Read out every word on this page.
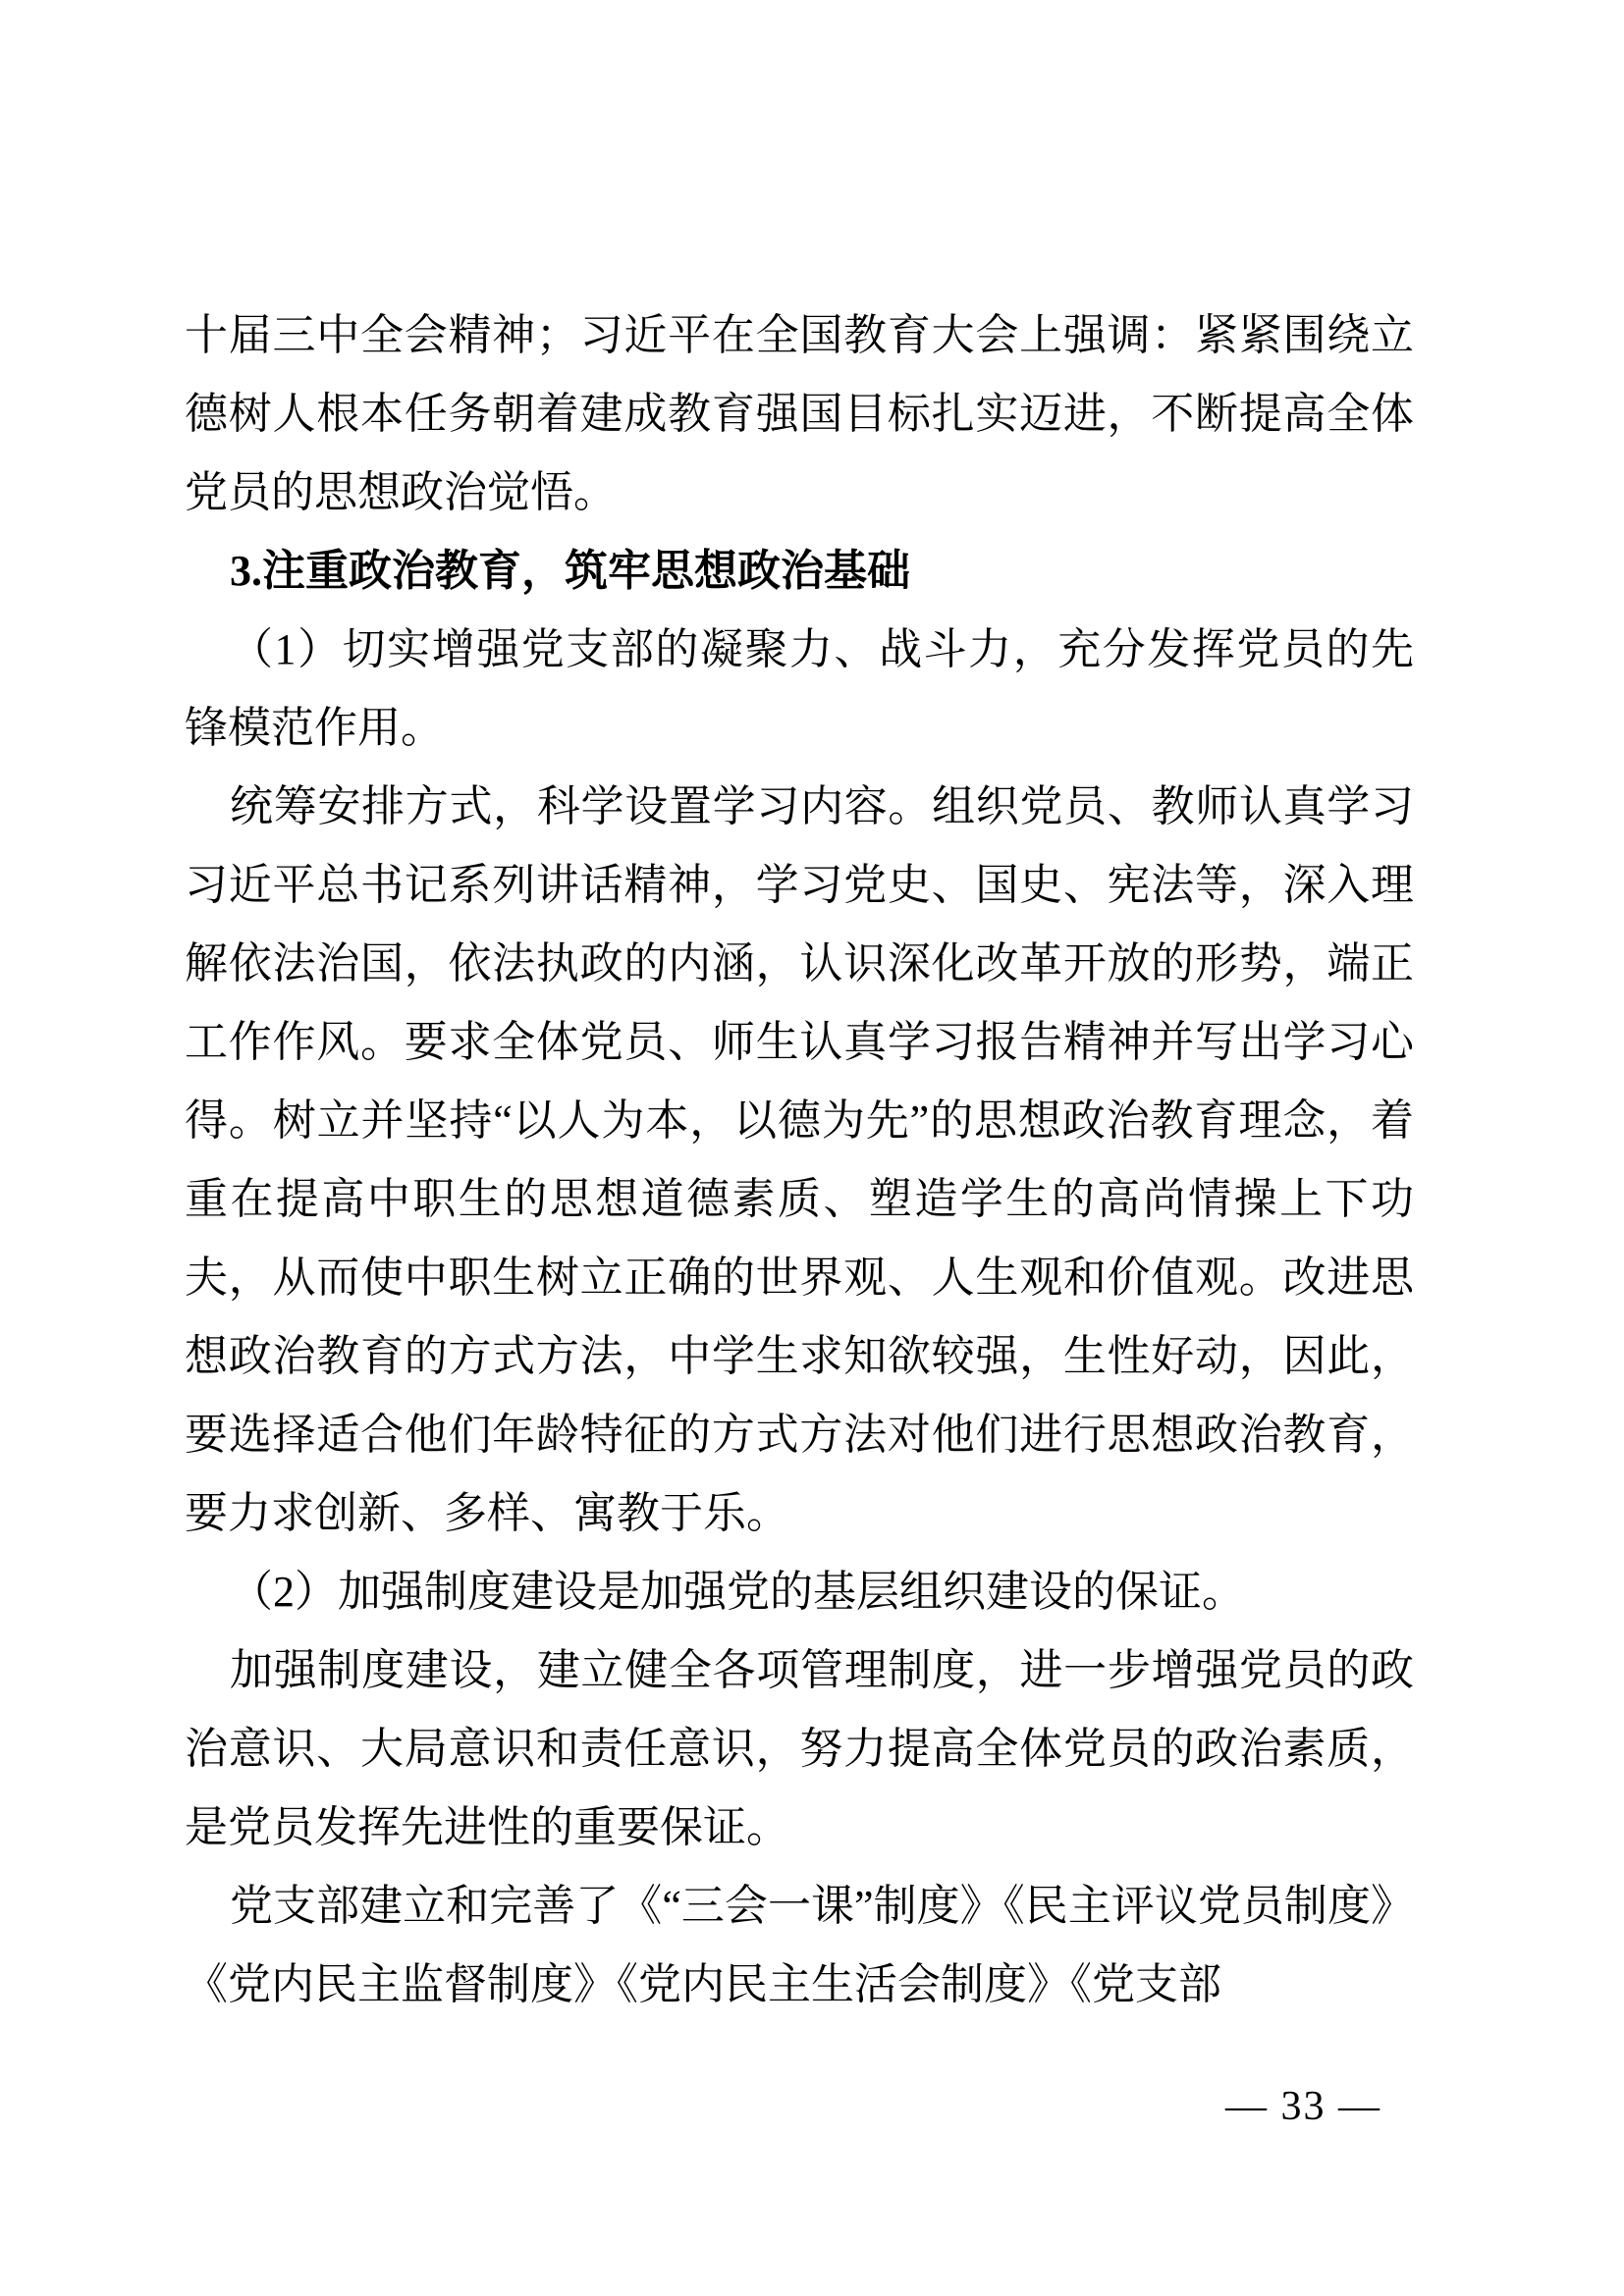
十届三中全会精神；习近平在全国教育大会上强调：紧紧围绕立德树人根本任务朝着建成教育强国目标扎实迈进，不断提高全体党员的思想政治觉悟。

3.注重政治教育，筑牢思想政治基础

（1）切实增强党支部的凝聚力、战斗力，充分发挥党员的先锋模范作用。

统筹安排方式，科学设置学习内容。组织党员、教师认真学习习近平总书记系列讲话精神，学习党史、国史、宪法等，深入理解依法治国，依法执政的内涵，认识深化改革开放的形势，端正工作作风。要求全体党员、师生认真学习报告精神并写出学习心得。树立并坚持“以人为本，以德为先”的思想政治教育理念，着重在提高中职生的思想道德素质、塑造学生的高尚情操上下功夫，从而使中职生树立正确的世界观、人生观和价值观。改进思想政治教育的方式方法，中学生求知欲较强，生性好动，因此，要选择适合他们年龄特征的方式方法对他们进行思想政治教育，要力求创新、多样、寓教于乐。

（2）加强制度建设是加强党的基层组织建设的保证。

加强制度建设，建立健全各项管理制度，进一步增强党员的政治意识、大局意识和责任意识，努力提高全体党员的政治素质，是党员发挥先进性的重要保证。

党支部建立和完善了《“三会一课”制度》《民主评议党员制度》《党内民主监督制度》《党内民主生活会制度》《党支部

— 33 —
